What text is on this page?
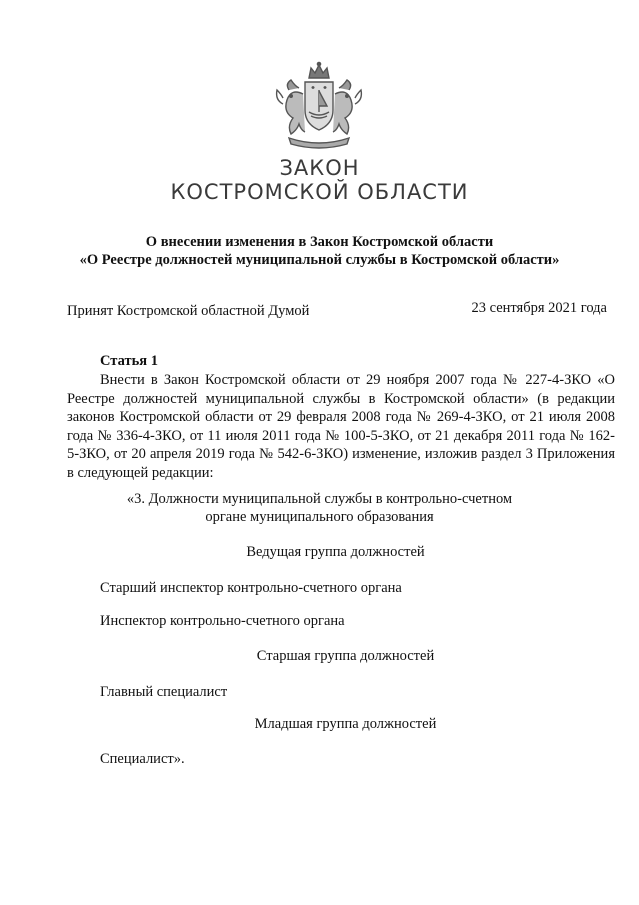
ЗАКОН
КОСТРОМСКОЙ ОБЛАСТИ
О внесении изменения в Закон Костромской области
«О Реестре должностей муниципальной службы в Костромской области»
Принят Костромской областной Думой	23 сентября 2021 года
Статья 1

Внести в Закон Костромской области от 29 ноября 2007 года № 227-4-ЗКО «О Реестре должностей муниципальной службы в Костромской области» (в редакции законов Костромской области от 29 февраля 2008 года № 269-4-ЗКО, от 21 июля 2008 года № 336-4-ЗКО, от 11 июля 2011 года № 100-5-ЗКО, от 21 декабря 2011 года № 162-5-ЗКО, от 20 апреля 2019 года № 542-6-ЗКО) изменение, изложив раздел 3 Приложения в следующей редакции:

«3. Должности муниципальной службы в контрольно-счетном
органе муниципального образования
Ведущая группа должностей
Старший инспектор контрольно-счетного органа
Инспектор контрольно-счетного органа
Старшая группа должностей
Главный специалист
Младшая группа должностей
Специалист».
